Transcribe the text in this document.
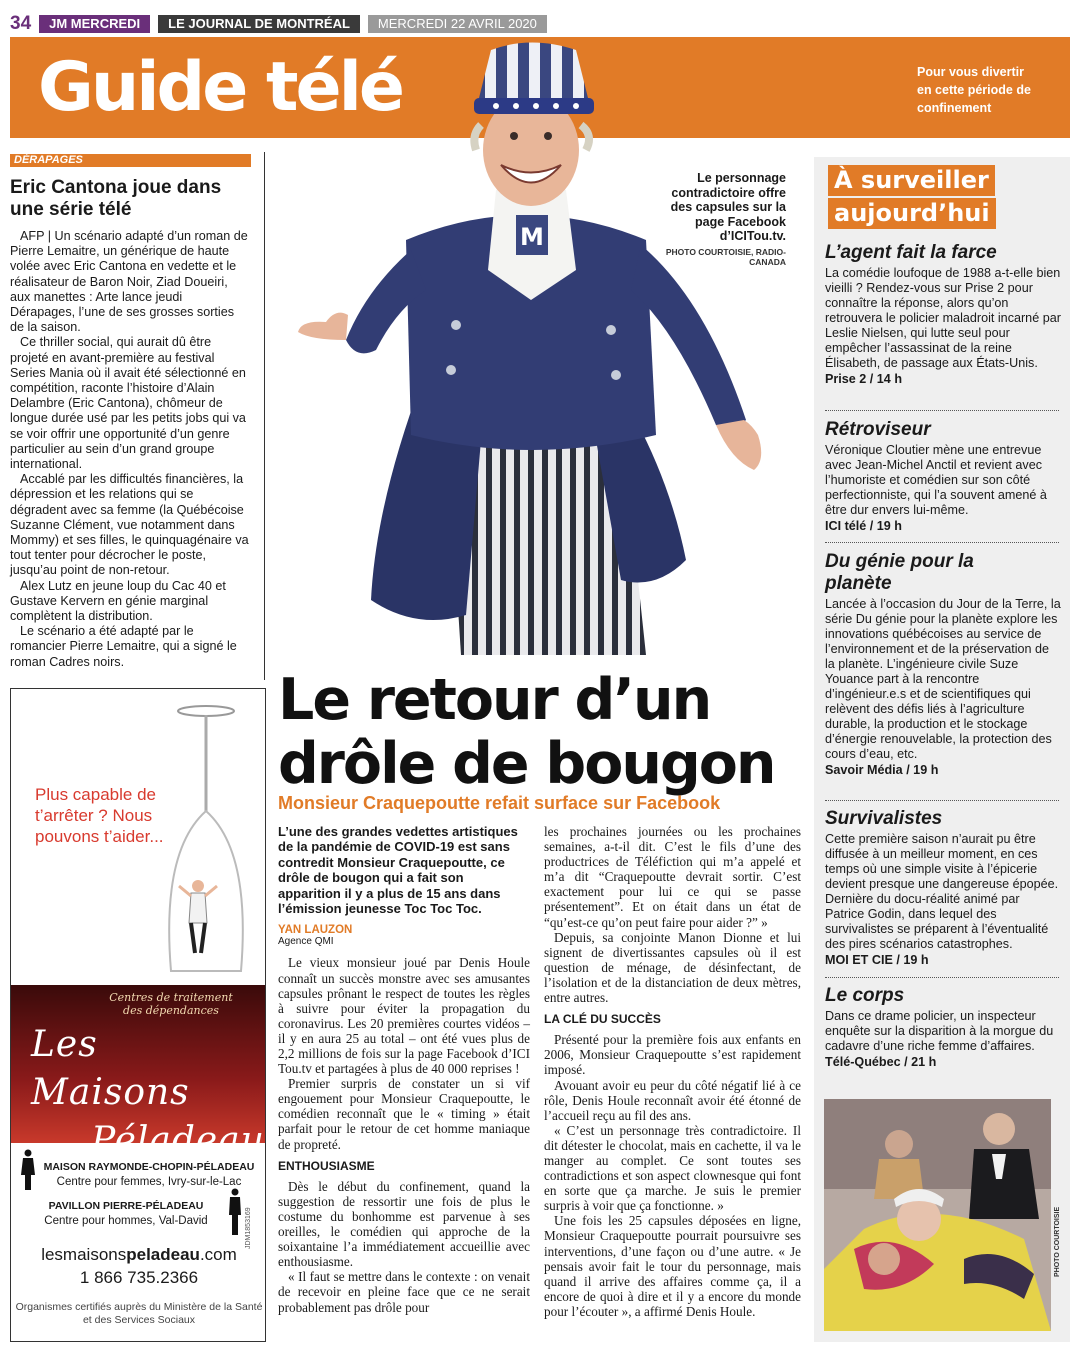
34	JM MERCREDI	LE JOURNAL DE MONTRÉAL	MERCREDI 22 AVRIL 2020
Guide télé	Pour vous divertir en cette période de confinement
M
Le personnage contradictoire offre des capsules sur la page Facebook d’ICITou.tv.
PHOTO COURTOISIE, RADIO-CANADA
DÉRAPAGES
Eric Cantona joue dans une série télé

AFP | Un scénario adapté d’un roman de Pierre Lemaitre, un générique de haute volée avec Eric Cantona en vedette et le réalisateur de Baron Noir, Ziad Doueiri, aux manettes : Arte lance jeudi Dérapages, l’une de ses grosses sorties de la saison.

Ce thriller social, qui aurait dû être projeté en avant-première au festival Series Mania où il avait été sélectionné en compétition, raconte l’histoire d’Alain Delambre (Eric Cantona), chômeur de longue durée usé par les petits jobs qui va se voir offrir une opportunité d’un genre particulier au sein d’un grand groupe international.

Accablé par les difficultés financières, la dépression et les relations qui se dégradent avec sa femme (la Québécoise Suzanne Clément, vue notamment dans Mommy) et ses filles, le quinquagénaire va tout tenter pour décrocher le poste, jusqu’au point de non-retour.

Alex Lutz en jeune loup du Cac 40 et Gustave Kervern en génie marginal complètent la distribution.

Le scénario a été adapté par le romancier Pierre Lemaitre, qui a signé le roman Cadres noirs.

Plus capable de t’arrêter ? Nous pouvons t’aider...
Centres de traitement des dépendances
Les Maisons
Péladeau
MAISON RAYMONDE-CHOPIN-PÉLADEAU
Centre pour femmes, Ivry-sur-le-Lac
PAVILLON PIERRE-PÉLADEAU
Centre pour hommes, Val-David
lesmaisonspeladeau.com
1 866 735.2366
Organismes certifiés auprès du Ministère de la Santé et des Services Sociaux
JDM1853169
Le retour d’un drôle de bougon
Monsieur Craquepoutte refait surface sur Facebook
L’une des grandes vedettes artistiques de la pandémie de COVID-19 est sans contredit Monsieur Craquepoutte, ce drôle de bougon qui a fait son apparition il y a plus de 15 ans dans l’émission jeunesse Toc Toc Toc.
YAN LAUZON
Agence QMI

Le vieux monsieur joué par Denis Houle connaît un succès monstre avec ses amusantes capsules prônant le respect de toutes les règles à suivre pour éviter la propagation du coronavirus. Les 20 premières courtes vidéos – il y en aura 25 au total – ont été vues plus de 2,2 millions de fois sur la page Facebook d’ICI Tou.tv et partagées à plus de 40 000 reprises !

Premier surpris de constater un si vif engouement pour Monsieur Craquepoutte, le comédien reconnaît que le « timing » était parfait pour le retour de cet homme maniaque de propreté.

ENTHOUSIASME

Dès le début du confinement, quand la suggestion de ressortir une fois de plus le costume du bonhomme est parvenue à ses oreilles, le comédien qui approche de la soixantaine l’a immédiatement accueillie avec enthousiasme.

« Il faut se mettre dans le contexte : on venait de recevoir en pleine face que ce ne serait probablement pas drôle pour

les prochaines journées ou les prochaines semaines, a-t-il dit. C’est le fils d’une des productrices de Téléfiction qui m’a appelé et m’a dit “Craquepoutte devrait sortir. C’est exactement pour lui ce qui se passe présentement”. Et on était dans un état de “qu’est-ce qu’on peut faire pour aider ?” »

Depuis, sa conjointe Manon Dionne et lui signent de divertissantes capsules où il est question de ménage, de désinfectant, de l’isolation et de la distanciation de deux mètres, entre autres.

LA CLÉ DU SUCCÈS

Présenté pour la première fois aux enfants en 2006, Monsieur Craquepoutte s’est rapidement imposé.

Avouant avoir eu peur du côté négatif lié à ce rôle, Denis Houle reconnaît avoir été étonné de l’accueil reçu au fil des ans.

« C’est un personnage très contradictoire. Il dit détester le chocolat, mais en cachette, il va le manger au complet. Ce sont toutes ses contradictions et son aspect clownesque qui font en sorte que ça marche. Je suis le premier surpris à voir que ça fonctionne. »

Une fois les 25 capsules déposées en ligne, Monsieur Craquepoutte pourrait poursuivre ses interventions, d’une façon ou d’une autre. « Je pensais avoir fait le tour du personnage, mais quand il arrive des affaires comme ça, il a encore de quoi à dire et il y a encore du monde pour l’écouter », a affirmé Denis Houle.

À surveiller
aujourd’hui
L’agent fait la farce

La comédie loufoque de 1988 a-t-elle bien vieilli ? Rendez-vous sur Prise 2 pour connaître la réponse, alors qu’on retrouvera le policier maladroit incarné par Leslie Nielsen, qui lutte seul pour empêcher l’assassinat de la reine Élisabeth, de passage aux États-Unis.

Prise 2 / 14 h
Rétroviseur

Véronique Cloutier mène une entrevue avec Jean-Michel Anctil et revient avec l’humoriste et comédien sur son côté perfectionniste, qui l’a souvent amené à être dur envers lui-même.

ICI télé / 19 h
Du génie pour la planète

Lancée à l’occasion du Jour de la Terre, la série Du génie pour la planète explore les innovations québécoises au service de l’environnement et de la préservation de la planète. L’ingénieure civile Suze Youance part à la rencontre d’ingénieur.e.s et de scientifiques qui relèvent des défis liés à l’agriculture durable, la production et le stockage d’énergie renouvelable, la protection des cours d’eau, etc.

Savoir Média / 19 h
Survivalistes

Cette première saison n’aurait pu être diffusée à un meilleur moment, en ces temps où une simple visite à l’épicerie devient presque une dangereuse épopée. Dernière du docu-réalité animé par Patrice Godin, dans lequel des survivalistes se préparent à l’éventualité des pires scénarios catastrophes.

MOI ET CIE / 19 h
Le corps

Dans ce drame policier, un inspecteur enquête sur la disparition à la morgue du cadavre d’une riche femme d’affaires.

Télé-Québec / 21 h
PHOTO COURTOISIE
